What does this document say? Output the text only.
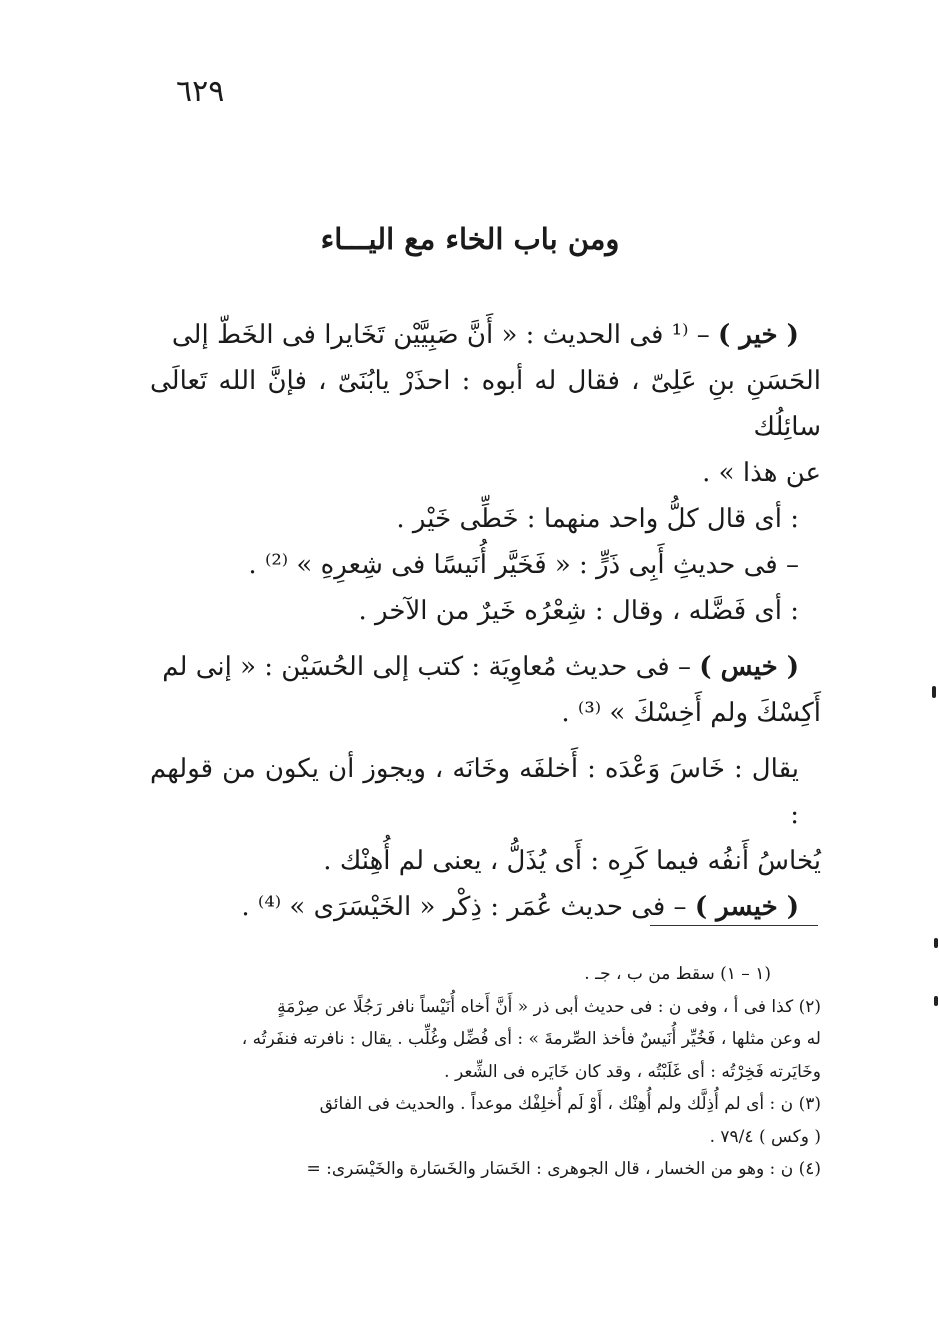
٦٢٩
ومن باب الخاء مع اليـــاء

( خير ) – ⁽¹ فى الحديث : « أَنَّ صَبِيَّيْن تَخَايرا فى الخَطّ إلى

الحَسَنِ بنِ عَلِىّ ، فقال له أبوه : احذَرْ يابُنَىّ ، فإنَّ الله تَعالَى سائِلُك

عن هذا » .

: أى قال كلُّ واحد منهما : خَطِّى خَيْر .

– فى حديثِ أَبِى ذَرٍّ : « فَخَيَّر أُنَيسًا فى شِعرِهِ » ⁽²⁾ .

: أى فَضَّله ، وقال : شِعْرُه خَيرٌ من الآخر .

( خيس ) – فى حديث مُعاوِيَة : كتب إلى الحُسَيْن : « إنى لم

أَكِسْكَ ولم أَخِسْكَ » ⁽³⁾ .

يقال : خَاسَ وَعْدَه : أَخلفَه وخَانَه ، ويجوز أن يكون من قولهم :

يُخاسُ أَنفُه فيما كَرِه : أَى يُذَلُّ ، يعنى لم أُهِنْك .

( خيسر ) – فى حديث عُمَر : ذِكْر « الخَيْسَرَى » ⁽⁴⁾ .

(١ – ١) سقط من ب ، جـ .

(٢) كذا فى أ ، وفى ن : فى حديث أبى ذر « أَنَّ أَخاه أُنَيْساً نافر رَجُلًا عن صِرْمَةٍ

له وعن مثلها ، فَخُيِّر أُنَيسٌ فأخذ الصِّرمةَ » : أى فُضِّل وغُلِّب . يقال : نافرته فنفَرتُه ،

وخَايَرته فَخِرْتُه : أى غَلَبْتُه ، وقد كان خَايَره فى الشِّعر .

(٣) ن : أى لم أُذِلَّك ولم أُهِنْك ، أَوْ لَم أُخلِفْك موعداً . والحديث فى الفائق

( وكس ) ٧٩/٤ .

(٤) ن : وهو من الخسار ، قال الجوهرى : الخَسَار والخَسَارة والخَيْسَرى: =
